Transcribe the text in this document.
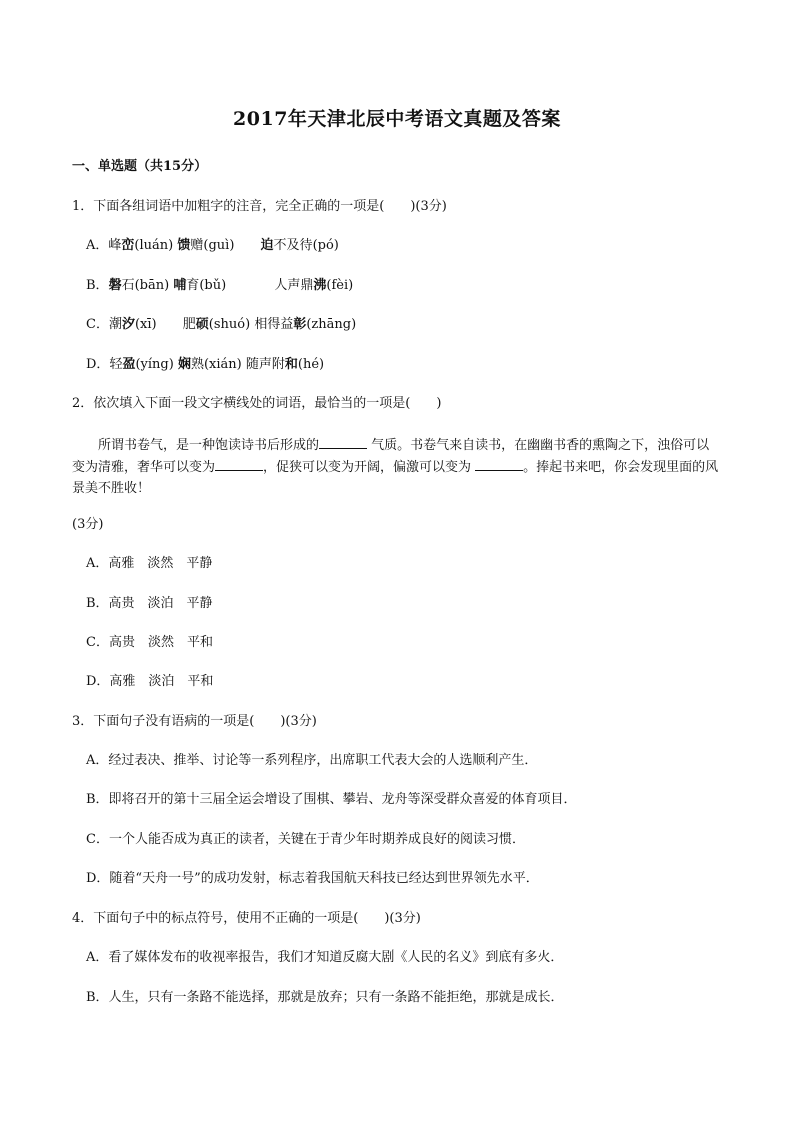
2017年天津北辰中考语文真题及答案
一、单选题（共15分）
1．下面各组词语中加粗字的注音，完全正确的一项是(　　)(3分)
A．峰峦(luán) 馈赠(guì) 迫不及待(pó)
B．磐石(bān) 哺育(bǔ)	人声鼎沸(fèi)
C．潮汐(xī) 肥硕(shuó) 相得益彰(zhāng)
D．轻盈(yíng) 娴熟(xián) 随声附和(hé)
2．依次填入下面一段文字横线处的词语，最恰当的一项是(　　)
所谓书卷气，是一种饱读诗书后形成的	气质。书卷气来自读书，在幽幽书香的熏陶之下，浊俗可以变为清雅，奢华可以变为	，促狭可以变为开阔，偏激可以变为	。捧起书来吧，你会发现里面的风景美不胜收！
(3分)
A．高雅　淡然　平静
B．高贵　淡泊　平静
C．高贵　淡然　平和
D．高雅　淡泊　平和
3．下面句子没有语病的一项是(　　)(3分)
A．经过表决、推举、讨论等一系列程序，出席职工代表大会的人选顺利产生．
B．即将召开的第十三届全运会增设了围棋、攀岩、龙舟等深受群众喜爱的体育项目．
C．一个人能否成为真正的读者，关键在于青少年时期养成良好的阅读习惯．
D．随着“天舟一号”的成功发射，标志着我国航天科技已经达到世界领先水平．
4．下面句子中的标点符号，使用不正确的一项是(　　)(3分)
A．看了媒体发布的收视率报告，我们才知道反腐大剧《人民的名义》到底有多火．
B．人生，只有一条路不能选择，那就是放弃；只有一条路不能拒绝，那就是成长．
